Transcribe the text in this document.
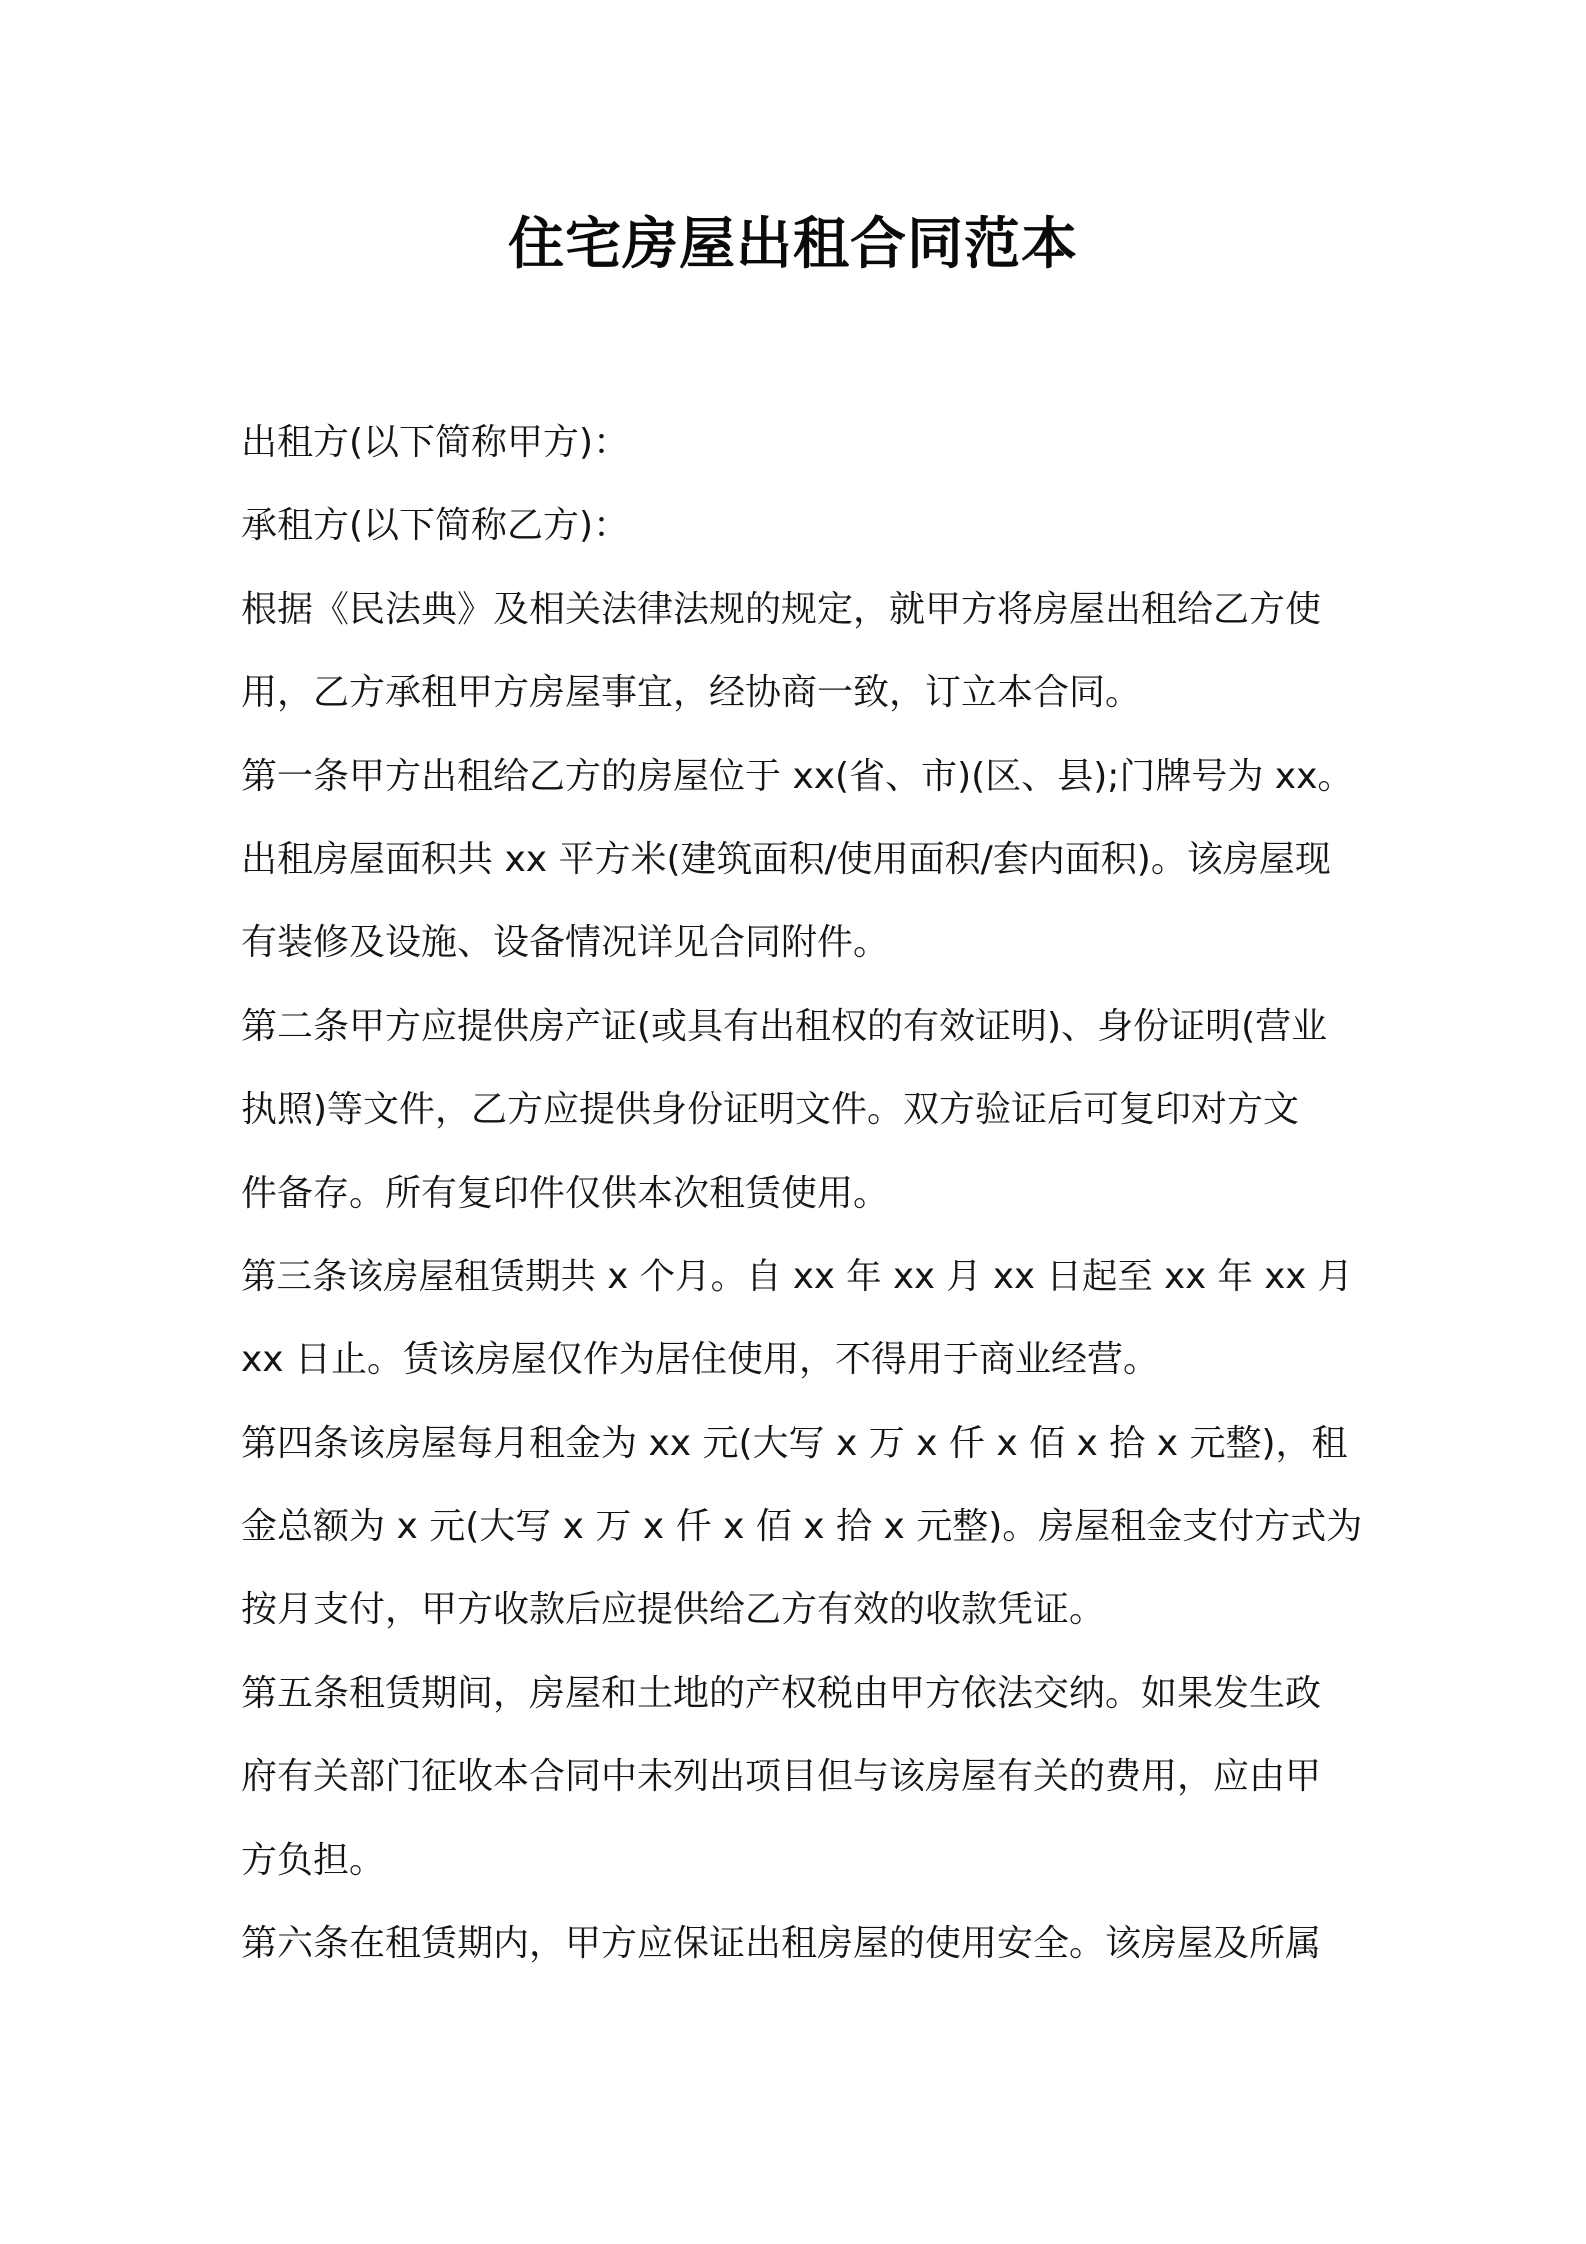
住宅房屋出租合同范本
出租方(以下简称甲方)：
承租方(以下简称乙方)：
根据《民法典》及相关法律法规的规定，就甲方将房屋出租给乙方使
用，乙方承租甲方房屋事宜，经协商一致，订立本合同。
第一条甲方出租给乙方的房屋位于 xx(省、市)(区、县);门牌号为 xx。
出租房屋面积共 xx 平方米(建筑面积/使用面积/套内面积)。该房屋现
有装修及设施、设备情况详见合同附件。
第二条甲方应提供房产证(或具有出租权的有效证明)、身份证明(营业
执照)等文件，乙方应提供身份证明文件。双方验证后可复印对方文
件备存。所有复印件仅供本次租赁使用。
第三条该房屋租赁期共 x 个月。自 xx 年 xx 月 xx 日起至 xx 年 xx 月
xx 日止。赁该房屋仅作为居住使用，不得用于商业经营。
第四条该房屋每月租金为 xx 元(大写 x 万 x 仟 x 佰 x 拾 x 元整)，租
金总额为 x 元(大写 x 万 x 仟 x 佰 x 拾 x 元整)。房屋租金支付方式为
按月支付，甲方收款后应提供给乙方有效的收款凭证。
第五条租赁期间，房屋和土地的产权税由甲方依法交纳。如果发生政
府有关部门征收本合同中未列出项目但与该房屋有关的费用，应由甲
方负担。
第六条在租赁期内，甲方应保证出租房屋的使用安全。该房屋及所属
